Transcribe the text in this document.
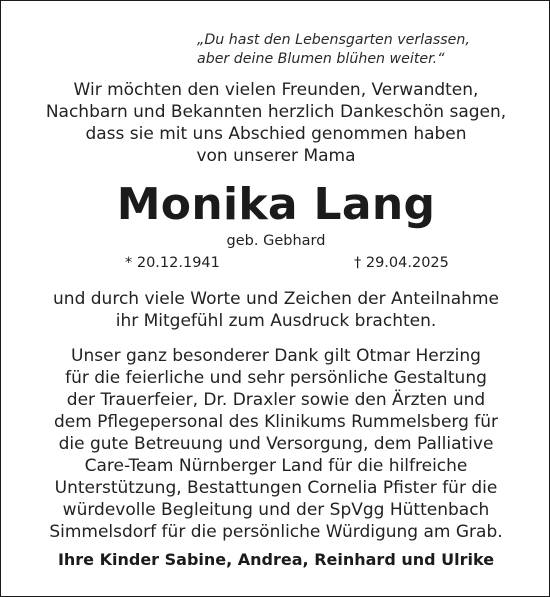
„Du hast den Lebensgarten verlassen,
aber deine Blumen blühen weiter.“
Wir möchten den vielen Freunden, Verwandten,
Nachbarn und Bekannten herzlich Dankeschön sagen,
dass sie mit uns Abschied genommen haben
von unserer Mama
Monika Lang
geb. Gebhard
* 20.12.1941	† 29.04.2025
und durch viele Worte und Zeichen der Anteilnahme
ihr Mitgefühl zum Ausdruck brachten.
Unser ganz besonderer Dank gilt Otmar Herzing
für die feierliche und sehr persönliche Gestaltung
der Trauerfeier, Dr. Draxler sowie den Ärzten und
dem Pflegepersonal des Klinikums Rummelsberg für
die gute Betreuung und Versorgung, dem Palliative
Care-Team Nürnberger Land für die hilfreiche
Unterstützung, Bestattungen Cornelia Pfister für die
würdevolle Begleitung und der SpVgg Hüttenbach
Simmelsdorf für die persönliche Würdigung am Grab.
Ihre Kinder Sabine, Andrea, Reinhard und Ulrike
